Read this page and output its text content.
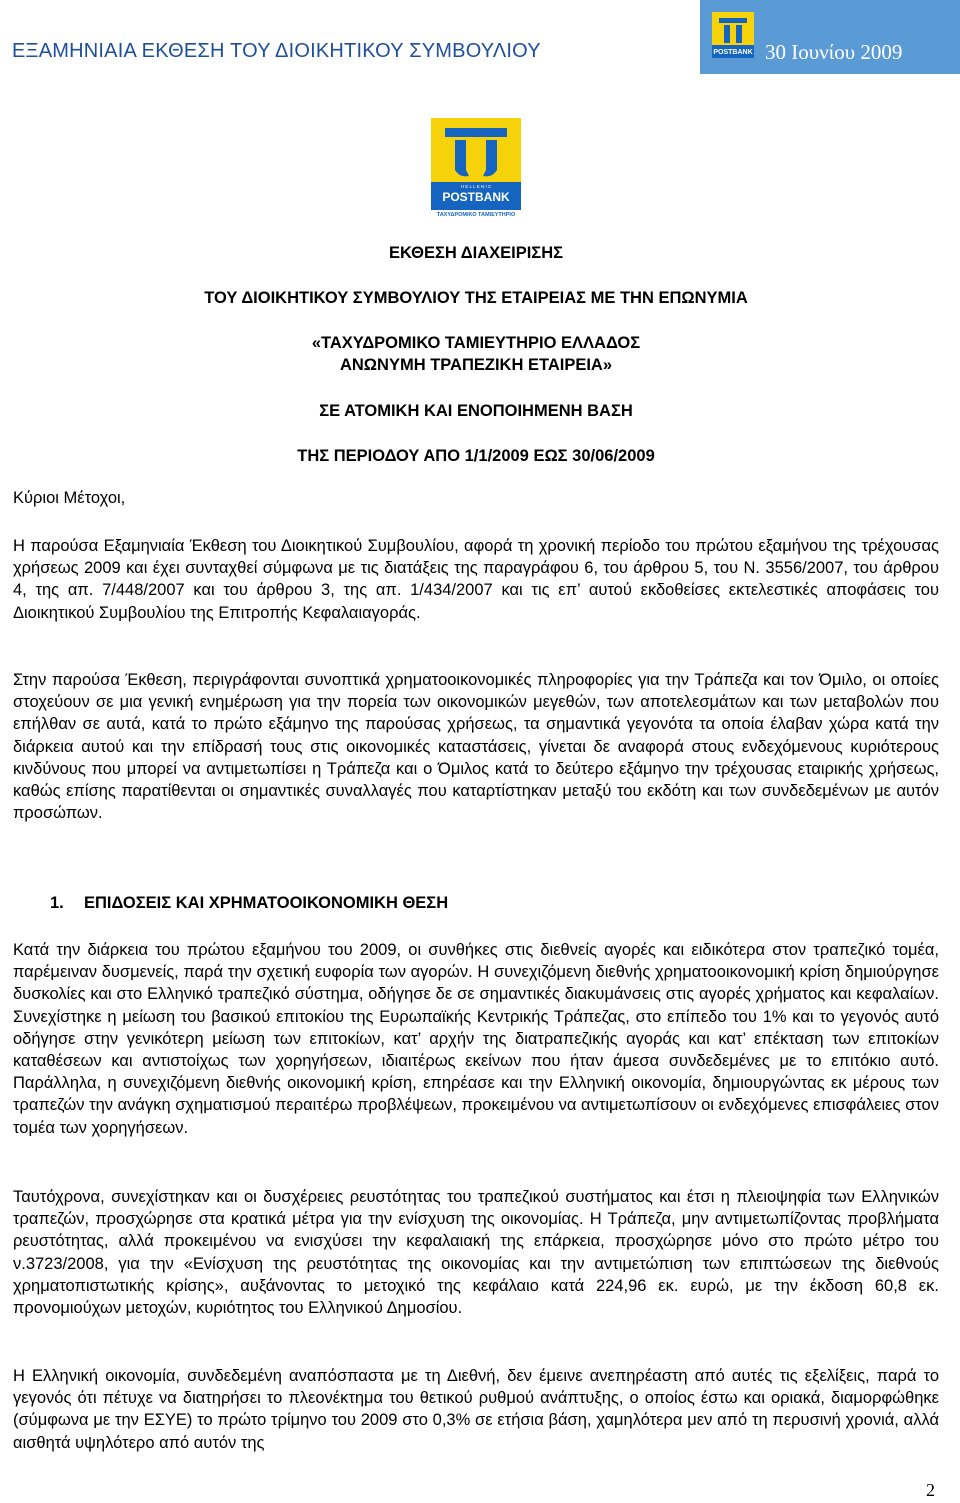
ΕΞΑΜΗΝΙΑΙΑ ΕΚΘΕΣΗ ΤΟΥ ΔΙΟΙΚΗΤΙΚΟΥ ΣΥΜΒΟΥΛΙΟΥ	POSTBANK 30 Ιουνίου 2009
H E L L E N I C
POSTBANK
ΤΑΧΥΔΡΟΜΙΚΟ ΤΑΜΙΕΥΤΗΡΙΟ
ΕΚΘΕΣΗ ΔΙΑΧΕΙΡΙΣΗΣ
ΤΟΥ ΔΙΟΙΚΗΤΙΚΟΥ ΣΥΜΒΟΥΛΙΟΥ ΤΗΣ ΕΤΑΙΡΕΙΑΣ ΜΕ ΤΗΝ ΕΠΩΝΥΜΙΑ
«ΤΑΧΥΔΡΟΜΙΚΟ ΤΑΜΙΕΥΤΗΡΙΟ ΕΛΛΑΔΟΣ
ΑΝΩΝΥΜΗ ΤΡΑΠΕΖΙΚΗ ΕΤΑΙΡΕΙΑ»
ΣΕ ΑΤΟΜΙΚΗ ΚΑΙ ΕΝΟΠΟΙΗΜΕΝΗ ΒΑΣΗ
ΤΗΣ ΠΕΡΙΟΔΟΥ ΑΠΟ 1/1/2009 ΕΩΣ 30/06/2009
Κύριοι Μέτοχοι,

Η παρούσα Εξαμηνιαία Έκθεση του Διοικητικού Συμβουλίου, αφορά τη χρονική περίοδο του πρώτου εξαμήνου της τρέχουσας χρήσεως 2009 και έχει συνταχθεί σύμφωνα με τις διατάξεις της παραγράφου 6, του άρθρου 5, του Ν. 3556/2007, του άρθρου 4, της απ. 7/448/2007 και του άρθρου 3, της απ. 1/434/2007 και τις επ’ αυτού εκδοθείσες εκτελεστικές αποφάσεις του Διοικητικού Συμβουλίου της Επιτροπής Κεφαλαιαγοράς.

Στην παρούσα Έκθεση, περιγράφονται συνοπτικά χρηματοοικονομικές πληροφορίες για την Τράπεζα και τον Όμιλο, οι οποίες στοχεύουν σε μια γενική ενημέρωση για την πορεία των οικονομικών μεγεθών, των αποτελεσμάτων και των μεταβολών που επήλθαν σε αυτά, κατά το πρώτο εξάμηνο της παρούσας χρήσεως, τα σημαντικά γεγονότα τα οποία έλαβαν χώρα κατά την διάρκεια αυτού και την επίδρασή τους στις οικονομικές καταστάσεις, γίνεται δε αναφορά στους ενδεχόμενους κυριότερους κινδύνους που μπορεί να αντιμετωπίσει η Τράπεζα και ο Όμιλος κατά το δεύτερο εξάμηνο την τρέχουσας εταιρικής χρήσεως, καθώς επίσης παρατίθενται οι σημαντικές συναλλαγές που καταρτίστηκαν μεταξύ του εκδότη και των συνδεδεμένων με αυτόν προσώπων.

1. ΕΠΙΔΟΣΕΙΣ ΚΑΙ ΧΡΗΜΑΤΟΟΙΚΟΝΟΜΙΚΗ ΘΕΣΗ

Κατά την διάρκεια του πρώτου εξαμήνου του 2009, οι συνθήκες στις διεθνείς αγορές και ειδικότερα στον τραπεζικό τομέα, παρέμειναν δυσμενείς, παρά την σχετική ευφορία των αγορών. Η συνεχιζόμενη διεθνής χρηματοοικονομική κρίση δημιούργησε δυσκολίες και στο Ελληνικό τραπεζικό σύστημα, οδήγησε δε σε σημαντικές διακυμάνσεις στις αγορές χρήματος και κεφαλαίων. Συνεχίστηκε η μείωση του βασικού επιτοκίου της Ευρωπαϊκής Κεντρικής Τράπεζας, στο επίπεδο του 1% και το γεγονός αυτό οδήγησε στην γενικότερη μείωση των επιτοκίων, κατ’ αρχήν της διατραπεζικής αγοράς και κατ’ επέκταση των επιτοκίων καταθέσεων και αντιστοίχως των χορηγήσεων, ιδιαιτέρως εκείνων που ήταν άμεσα συνδεδεμένες με το επιτόκιο αυτό. Παράλληλα, η συνεχιζόμενη διεθνής οικονομική κρίση, επηρέασε και την Ελληνική οικονομία, δημιουργώντας εκ μέρους των τραπεζών την ανάγκη σχηματισμού περαιτέρω προβλέψεων, προκειμένου να αντιμετωπίσουν οι ενδεχόμενες επισφάλειες στον τομέα των χορηγήσεων.

Ταυτόχρονα, συνεχίστηκαν και οι δυσχέρειες ρευστότητας του τραπεζικού συστήματος και έτσι η πλειοψηφία των Ελληνικών τραπεζών, προσχώρησε στα κρατικά μέτρα για την ενίσχυση της οικονομίας. Η Τράπεζα, μην αντιμετωπίζοντας προβλήματα ρευστότητας, αλλά προκειμένου να ενισχύσει την κεφαλαιακή της επάρκεια, προσχώρησε μόνο στο πρώτο μέτρο του ν.3723/2008, για την «Ενίσχυση της ρευστότητας της οικονομίας και την αντιμετώπιση των επιπτώσεων της διεθνούς χρηματοπιστωτικής κρίσης», αυξάνοντας το μετοχικό της κεφάλαιο κατά 224,96 εκ. ευρώ, με την έκδοση 60,8 εκ. προνομιούχων μετοχών, κυριότητος του Ελληνικού Δημοσίου.

Η Ελληνική οικονομία, συνδεδεμένη αναπόσπαστα με τη Διεθνή, δεν έμεινε ανεπηρέαστη από αυτές τις εξελίξεις, παρά το γεγονός ότι πέτυχε να διατηρήσει το πλεονέκτημα του θετικού ρυθμού ανάπτυξης, ο οποίος έστω και οριακά, διαμορφώθηκε (σύμφωνα με την ΕΣΥΕ) το πρώτο τρίμηνο του 2009 στο 0,3% σε ετήσια βάση, χαμηλότερα μεν από τη περυσινή χρονιά, αλλά αισθητά υψηλότερο από αυτόν της

2
